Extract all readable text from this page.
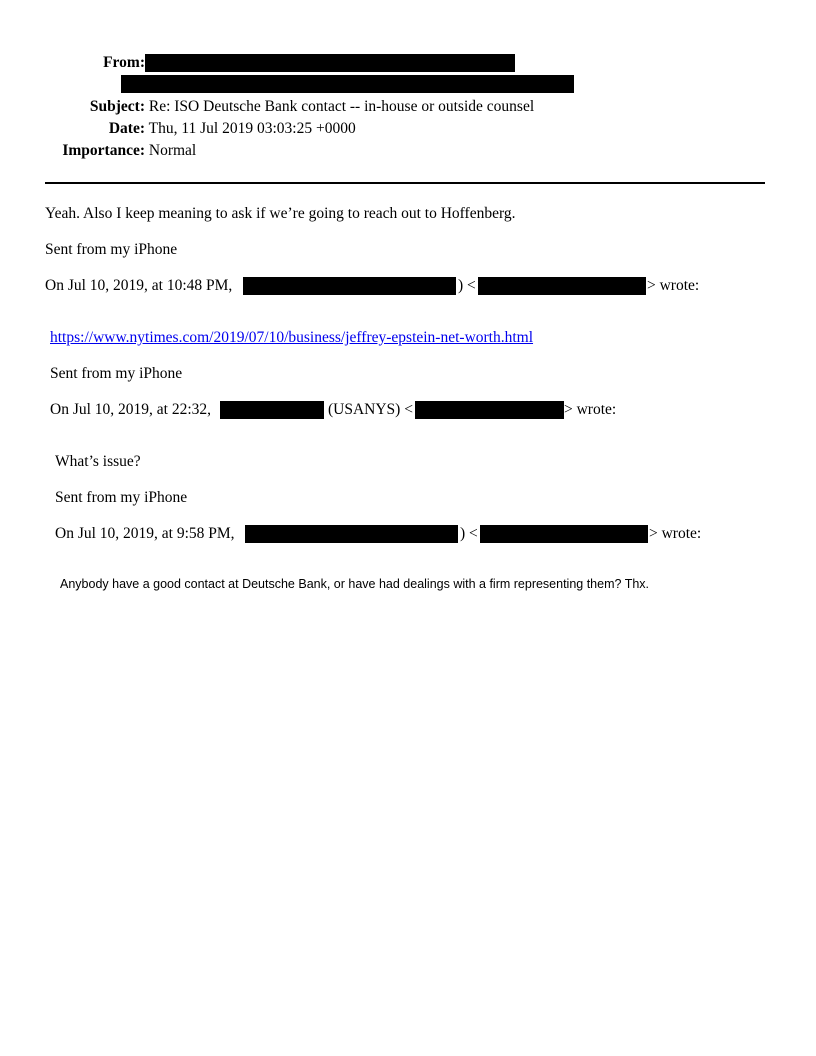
From:
Subject: Re: ISO Deutsche Bank contact -- in-house or outside counsel
Date: Thu, 11 Jul 2019 03:03:25 +0000
Importance: Normal
Yeah. Also I keep meaning to ask if we’re going to reach out to Hoffenberg.
Sent from my iPhone
On Jul 10, 2019, at 10:48 PM,	) <	> wrote:
https://www.nytimes.com/2019/07/10/business/jeffrey-epstein-net-worth.html
Sent from my iPhone
On Jul 10, 2019, at 22:32,	(USANYS) <	> wrote:
What’s issue?
Sent from my iPhone
On Jul 10, 2019, at 9:58 PM,	) <	> wrote:
Anybody have a good contact at Deutsche Bank, or have had dealings with a firm representing them? Thx.
